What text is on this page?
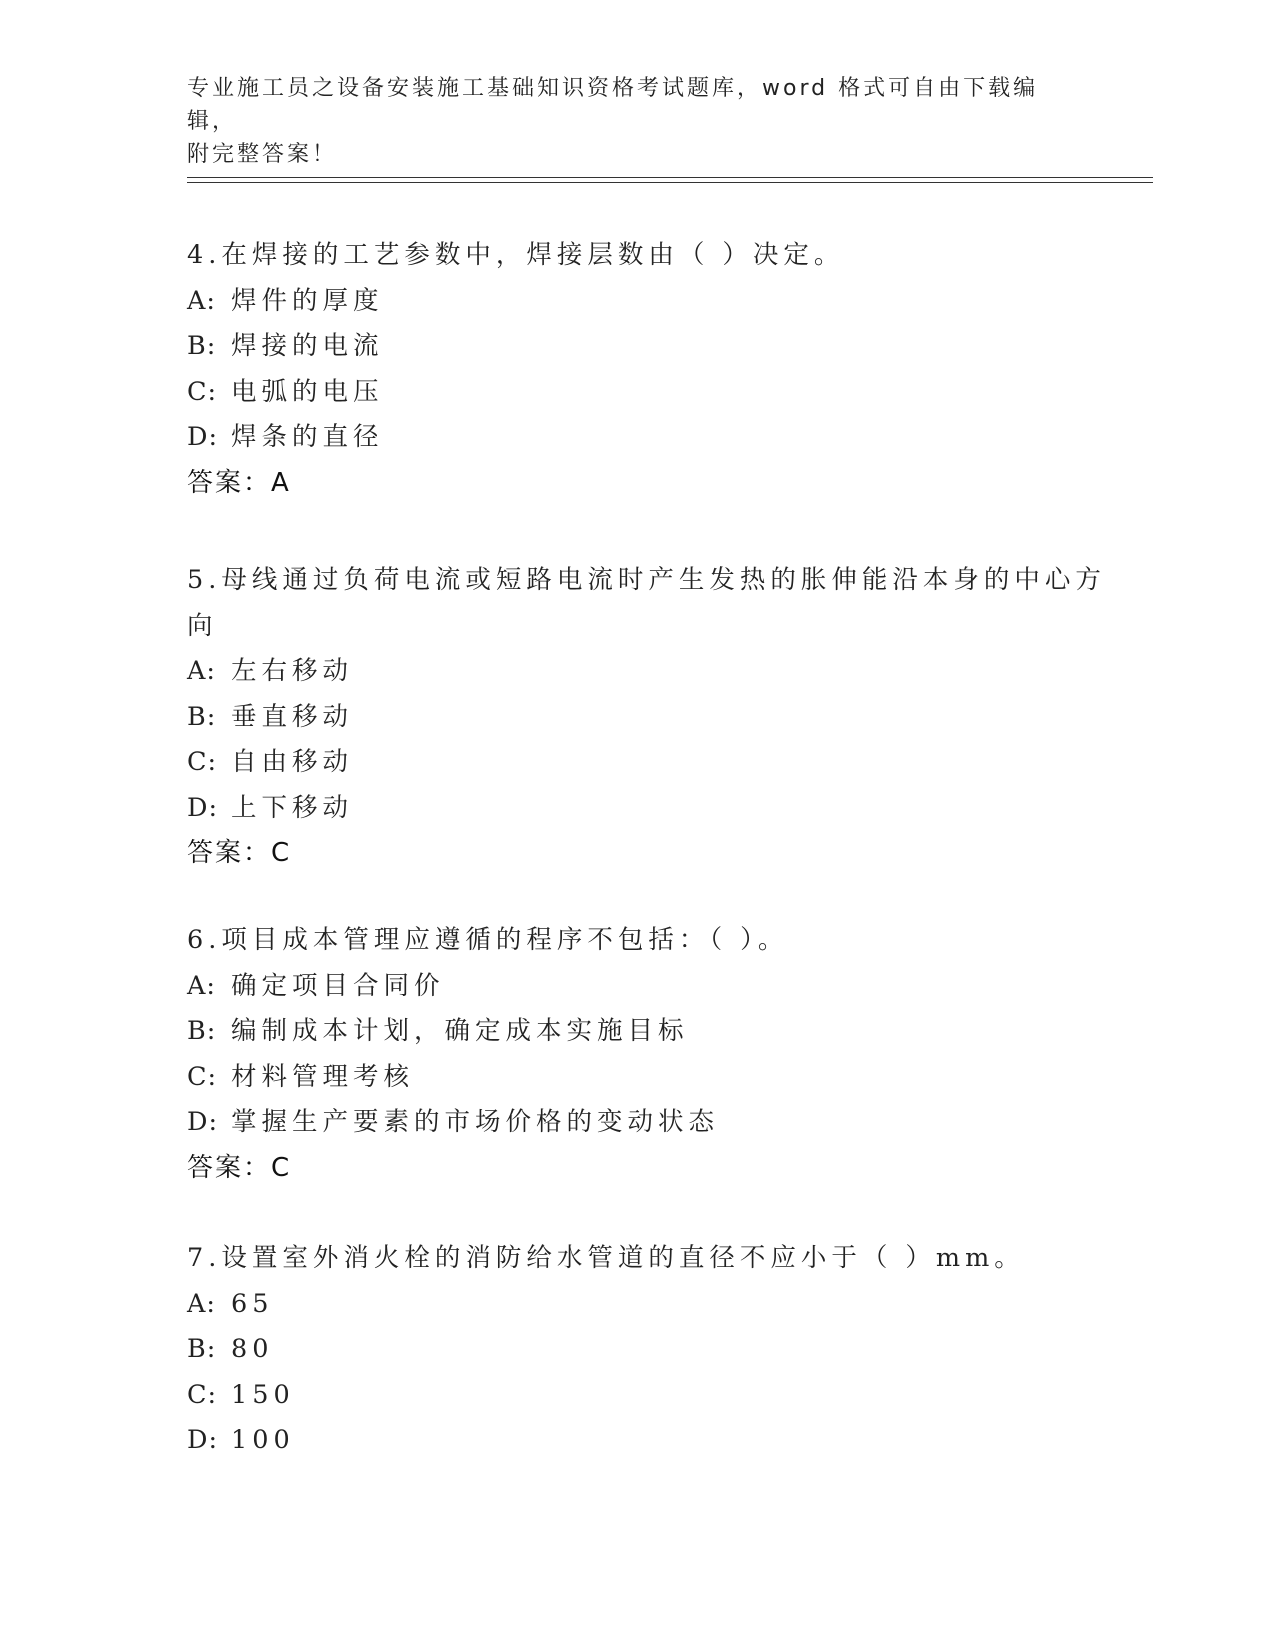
专业施工员之设备安装施工基础知识资格考试题库，word 格式可自由下载编辑，
附完整答案！
4.在焊接的工艺参数中，焊接层数由（ ）决定。
A: 焊件的厚度
B: 焊接的电流
C: 电弧的电压
D: 焊条的直径
答案：A
5.母线通过负荷电流或短路电流时产生发热的胀伸能沿本身的中心方
向
A: 左右移动
B: 垂直移动
C: 自由移动
D: 上下移动
答案：C
6.项目成本管理应遵循的程序不包括：（ ）。
A: 确定项目合同价
B: 编制成本计划，确定成本实施目标
C: 材料管理考核
D: 掌握生产要素的市场价格的变动状态
答案：C
7.设置室外消火栓的消防给水管道的直径不应小于（ ）mm。
A: 65
B: 80
C: 150
D: 100
